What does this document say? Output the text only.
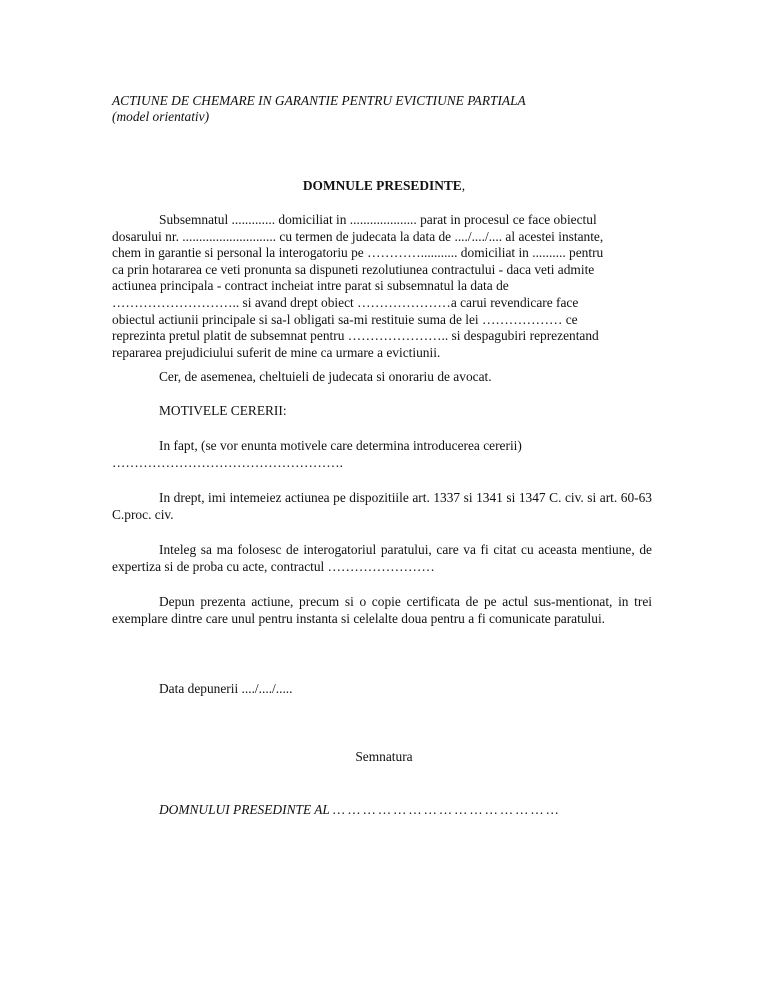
ACTIUNE DE CHEMARE IN GARANTIE PENTRU EVICTIUNE PARTIALA

(model orientativ)

DOMNULE PRESEDINTE,

Subsemnatul ............. domiciliat in .................... parat in procesul ce face obiectul
dosarului nr. ............................ cu termen de judecata la data de ..../..../.... al acestei instante,
chem in garantie si personal la interogatoriu pe …………........... domiciliat in .......... pentru
ca prin hotararea ce veti pronunta sa dispuneti rezolutiunea contractului - daca veti admite
actiunea principala - contract incheiat intre parat si subsemnatul la data de
……………………….. si avand drept obiect …………………a carui revendicare face
obiectul actiunii principale si sa-l obligati sa-mi restituie suma de lei ……………… ce
reprezinta pretul platit de subsemnat pentru ………………….. si despagubiri reprezentand
repararea prejudiciului suferit de mine ca urmare a evictiunii.

Cer, de asemenea, cheltuieli de judecata si onorariu de avocat.

MOTIVELE CERERII:

In fapt, (se vor enunta motivele care determina introducerea cererii)

…………………………………………….

In drept, imi intemeiez actiunea pe dispozitiile art. 1337 si 1341 si 1347 C. civ. si art. 60-63 C.proc. civ.

Inteleg sa ma folosesc de interogatoriul paratului, care va fi citat cu aceasta mentiune, de expertiza si de proba cu acte, contractul ……………………

Depun prezenta actiune, precum si o copie certificata de pe actul sus-mentionat, in trei exemplare dintre care unul pentru instanta si celelalte doua pentru a fi comunicate paratului.

Data depunerii ..../..../.....

Semnatura

DOMNULUI PRESEDINTE AL … … … … … … … … … … … … … … …
